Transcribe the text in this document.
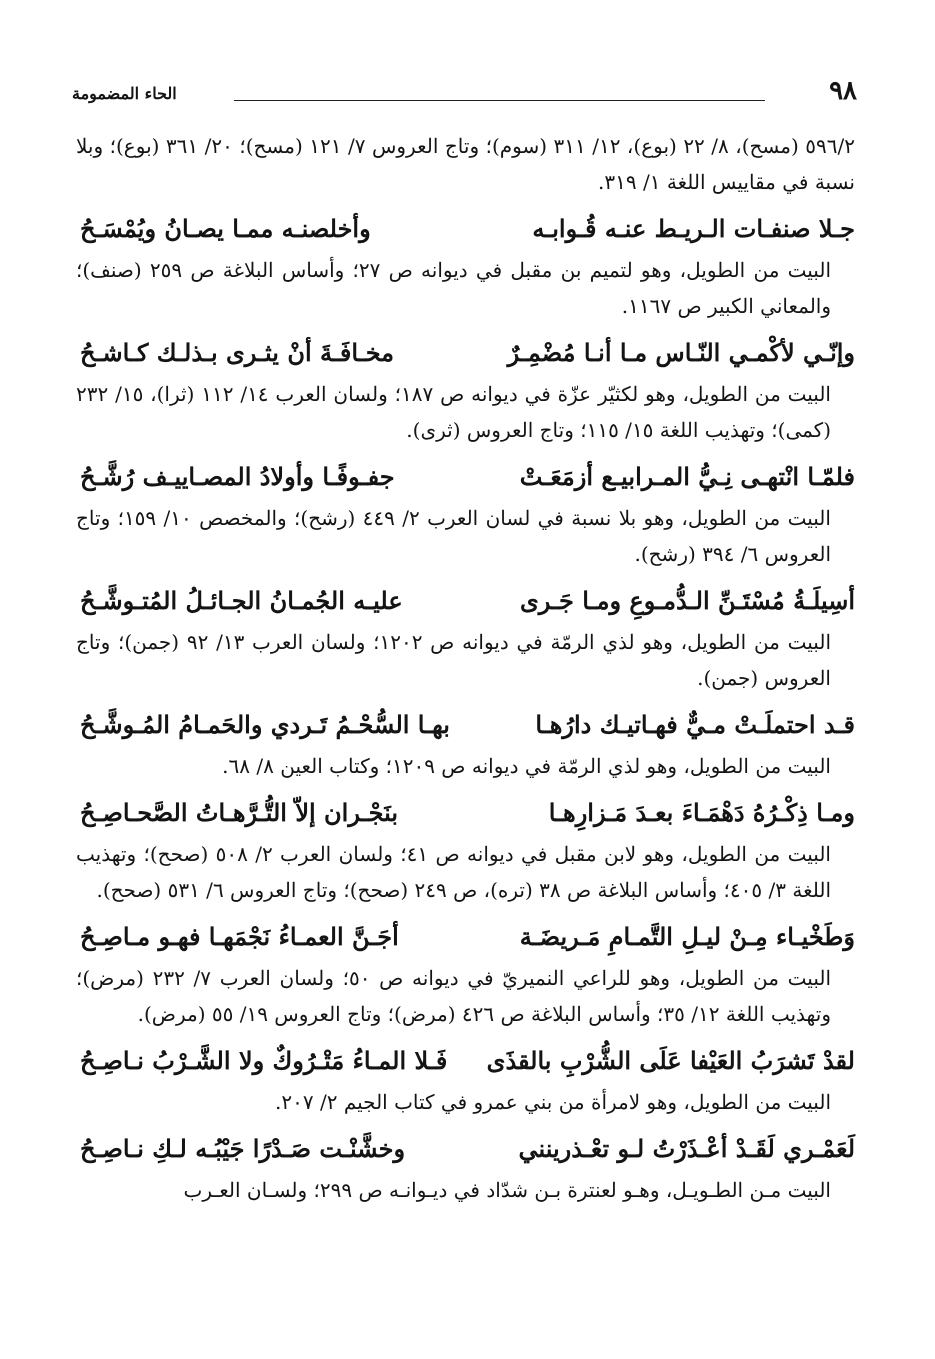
٩٨
الحاء المضمومة

٥٩٦/٢ (مسح)، ٨/ ٢٢ (بوع)، ١٢/ ٣١١ (سوم)؛ وتاج العروس ٧/ ١٢١ (مسح)؛ ٢٠/ ٣٦١ (بوع)؛ وبلا نسبة في مقاييس اللغة ١/ ٣١٩.

جـلا صنفـات الـريـط عنـه قُـوابـه
وأخلصنـه ممـا يصـانُ ويُمْسَـحُ

البيت من الطويل، وهو لتميم بن مقبل في ديوانه ص ٢٧؛ وأساس البلاغة ص ٢٥٩ (صنف)؛ والمعاني الكبير ص ١١٦٧.

وإنّـي لأكْمـي النّـاس مـا أنـا مُضْمِـرٌ
مخـافَـةَ أنْ يثـرى بـذلـك كـاشـحُ

البيت من الطويل، وهو لكثيّر عزّة في ديوانه ص ١٨٧؛ ولسان العرب ١٤/ ١١٢ (ثرا)، ١٥/ ٢٣٢ (كمى)؛ وتهذيب اللغة ١٥/ ١١٥؛ وتاج العروس (ثرى).

فلمّـا انْتهـى نِـيُّ المـرابيـع أزمَعَـتْ
جفـوفًـا وأولادُ المصـاييـف رُشَّـحُ

البيت من الطويل، وهو بلا نسبة في لسان العرب ٢/ ٤٤٩ (رشح)؛ والمخصص ١٠/ ١٥٩؛ وتاج العروس ٦/ ٣٩٤ (رشح).

أسِيلَـةُ مُسْتَـنِّ الـدُّمـوعِ ومـا جَـرى
عليـه الجُمـانُ الجـائـلُ المُتـوشَّـحُ

البيت من الطويل، وهو لذي الرمّة في ديوانه ص ١٢٠٢؛ ولسان العرب ١٣/ ٩٢ (جمن)؛ وتاج العروس (جمن).

قـد احتملَـتْ مـيٌّ فهـاتيـك دارُهـا
بهـا السُّحْـمُ تَـردي والحَمـامُ المُـوشَّـحُ

البيت من الطويل، وهو لذي الرمّة في ديوانه ص ١٢٠٩؛ وكتاب العين ٨/ ٦٨.

ومـا ذِكْـرُهُ دَهْمَـاءَ بعـدَ مَـزارِهـا
بنَجْـران إلاّ التُّـرَّهـاتُ الصَّحـاصِـحُ

البيت من الطويل، وهو لابن مقبل في ديوانه ص ٤١؛ ولسان العرب ٢/ ٥٠٨ (صحح)؛ وتهذيب اللغة ٣/ ٤٠٥؛ وأساس البلاغة ص ٣٨ (تره)، ص ٢٤٩ (صحح)؛ وتاج العروس ٦/ ٥٣١ (صحح).

وَطَخْيـاء مِـنْ ليـلِ التَّمـامِ مَـريضَـة
أجَـنَّ العمـاءُ نَجْمَهـا فهـو مـاصِـحُ

البيت من الطويل، وهو للراعي النميريّ في ديوانه ص ٥٠؛ ولسان العرب ٧/ ٢٣٢ (مرض)؛ وتهذيب اللغة ١٢/ ٣٥؛ وأساس البلاغة ص ٤٢٦ (مرض)؛ وتاج العروس ١٩/ ٥٥ (مرض).

لقدْ تَشرَبُ العَيْفا عَلَى الشُّرْبِ بالقذَى
فَـلا المـاءُ مَتْـرُوكٌ ولا الشَّـرْبُ نـاصِـحُ

البيت من الطويل، وهو لامرأة من بني عمرو في كتاب الجيم ٢/ ٢٠٧.

لَعَمْـري لَقَـدْ أعْـذَرْتُ لـو تعْـذرينني
وخشَّنْـت صَـدْرًا جَيْبُـه لـكِ نـاصِـحُ

البيت مـن الطـويـل، وهـو لعنترة بـن شدّاد في ديـوانـه ص ٢٩٩؛ ولسـان العـرب
